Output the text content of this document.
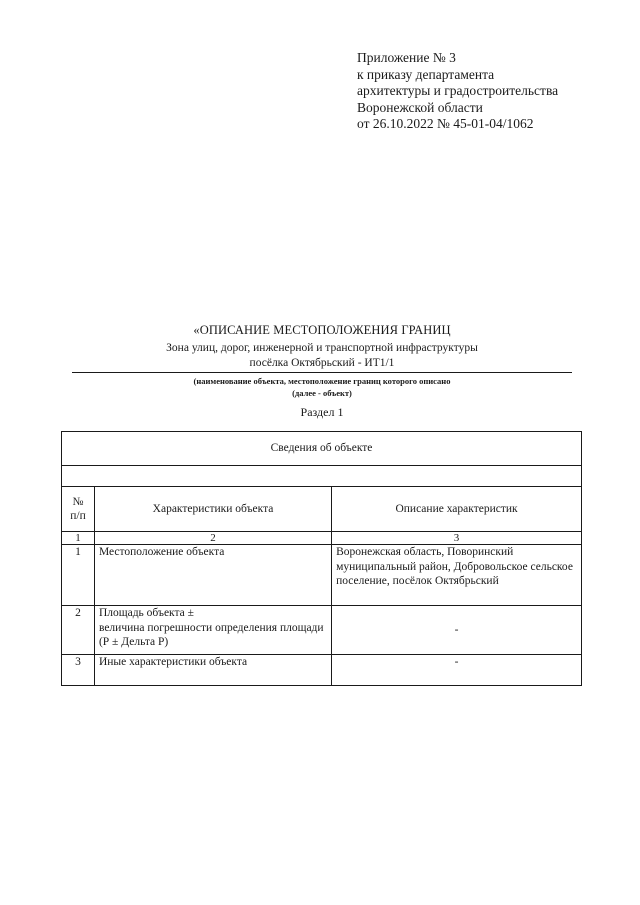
Приложение № 3
к приказу департамента
архитектуры и градостроительства
Воронежской области
от 26.10.2022 № 45-01-04/1062
«ОПИСАНИЕ МЕСТОПОЛОЖЕНИЯ ГРАНИЦ
Зона улиц, дорог, инженерной и транспортной инфраструктуры
посёлка Октябрьский - ИТ1/1
(наименование объекта, местоположение границ которого описано
(далее - объект)
Раздел 1
Сведения об объекте		

№
п/п	Характеристики объекта	Описание характеристик
1	2	3
1	Местоположение объекта	Воронежская область, Поворинский муниципальный район, Добровольское сельское поселение, посёлок Октябрьский
2	Площадь объекта ±
величина погрешности определения площади (Р ± Дельта Р)	-
3	Иные характеристики объекта	-
